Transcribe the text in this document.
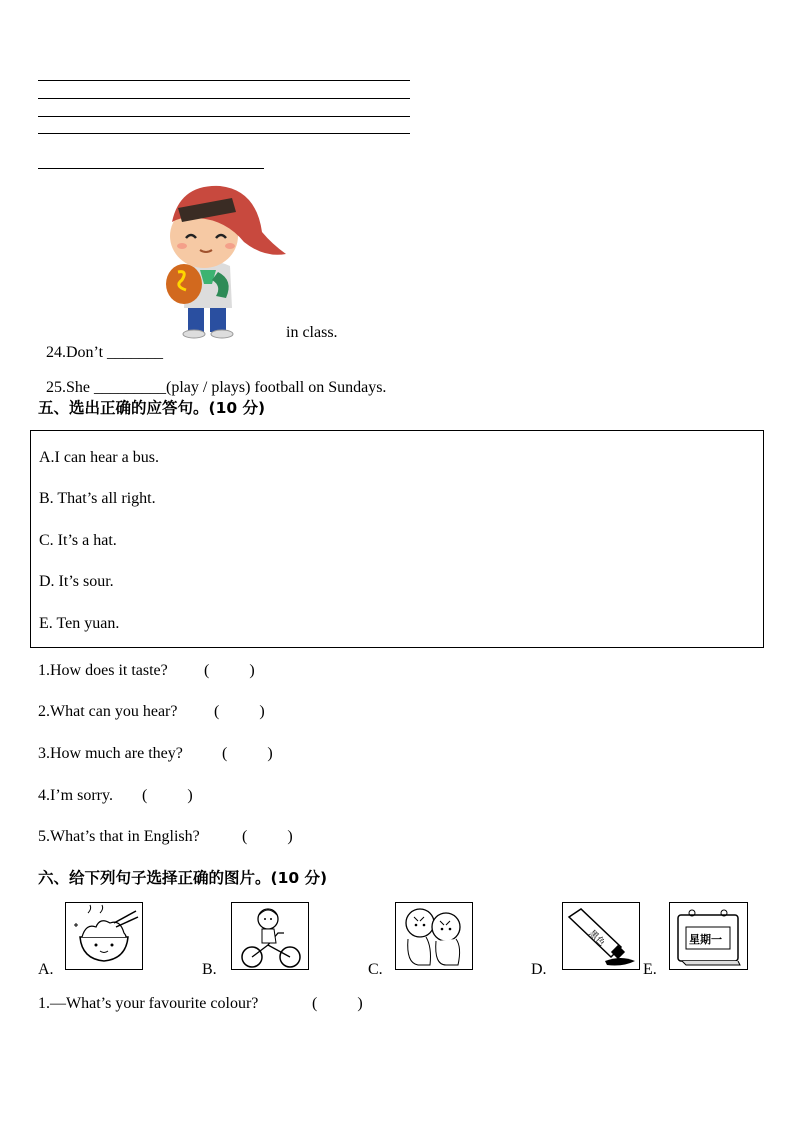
24.Don’t _______

in class.

25.She _________(play / plays) football on Sundays.

五、选出正确的应答句。(10 分)
A.I can hear a bus.
B. That’s all right.
C. It’s a hat.
D. It’s sour.
E. Ten yuan.
1.How does it taste? (          )
2.What can you hear? (          )
3.How much are they? (          )
4.I’m sorry. (          )
5.What’s that in English?	(          )
六、给下列句子选择正确的图片。(10 分)
A.	B.	C.	D.
黑色
E.
星期一
1.—What’s your favourite colour?	(          )
